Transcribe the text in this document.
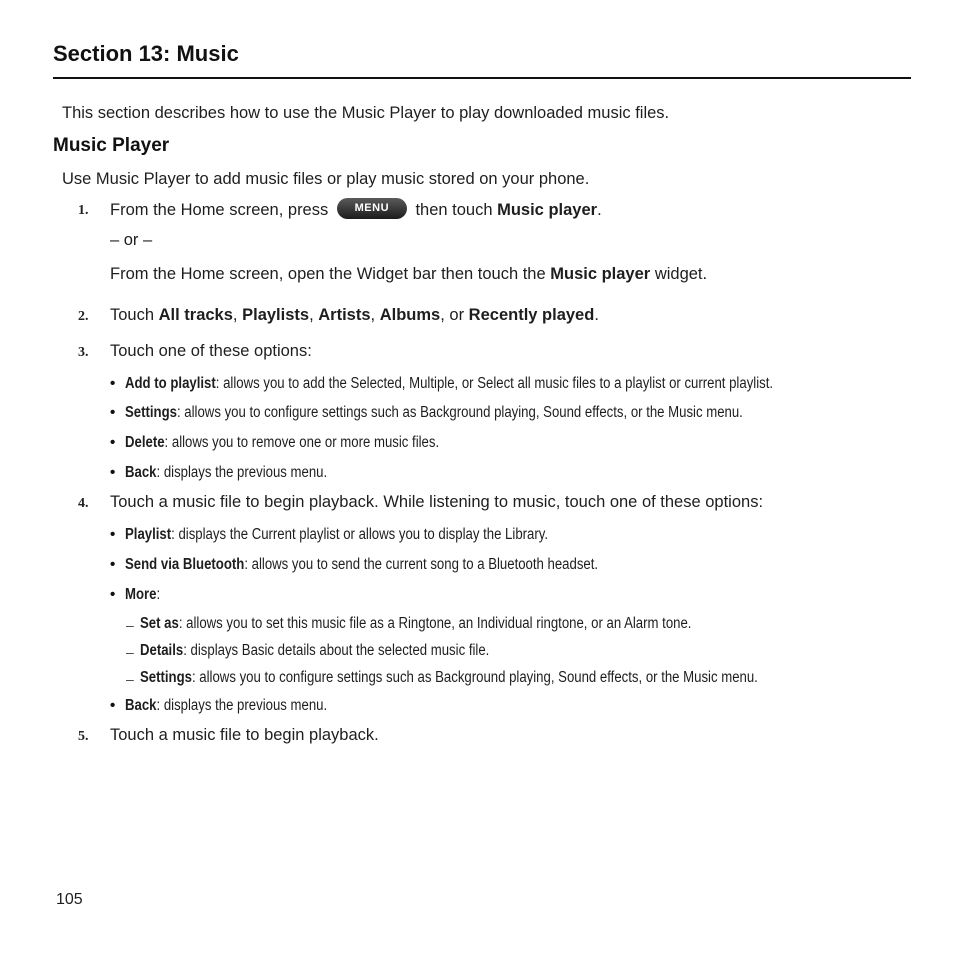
Section 13: Music
This section describes how to use the Music Player to play downloaded music files.
Music Player
Use Music Player to add music files or play music stored on your phone.
1. From the Home screen, press MENU then touch Music player.
– or –
From the Home screen, open the Widget bar then touch the Music player widget.
2. Touch All tracks, Playlists, Artists, Albums, or Recently played.
3. Touch one of these options:
• Add to playlist: allows you to add the Selected, Multiple, or Select all music files to a playlist or current playlist.
• Settings: allows you to configure settings such as Background playing, Sound effects, or the Music menu.
• Delete: allows you to remove one or more music files.
• Back: displays the previous menu.
4. Touch a music file to begin playback. While listening to music, touch one of these options:
• Playlist: displays the Current playlist or allows you to display the Library.
• Send via Bluetooth: allows you to send the current song to a Bluetooth headset.
• More:
– Set as: allows you to set this music file as a Ringtone, an Individual ringtone, or an Alarm tone.
– Details: displays Basic details about the selected music file.
– Settings: allows you to configure settings such as Background playing, Sound effects, or the Music menu.
• Back: displays the previous menu.
5. Touch a music file to begin playback.
105
